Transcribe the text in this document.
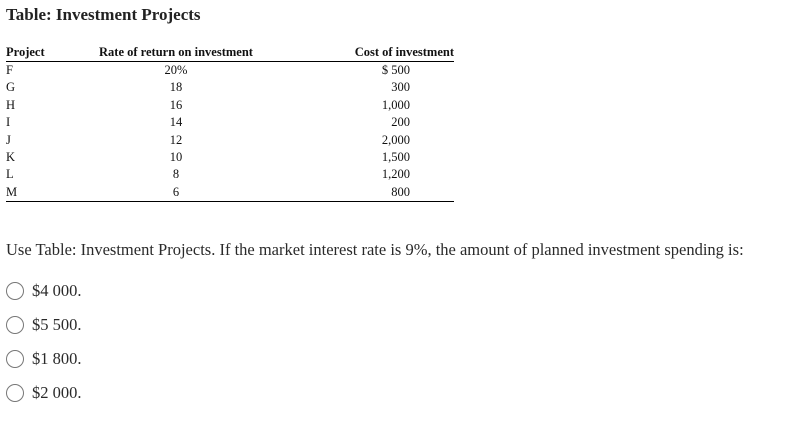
Table: Investment Projects
Project	Rate of return on investment	Cost of investment
F	20%	$ 500
G	18	300
H	16	1,000
I	14	200
J	12	2,000
K	10	1,500
L	8	1,200
M	6	800
Use Table: Investment Projects. If the market interest rate is 9%, the amount of planned investment spending is:
$4 000.
$5 500.
$1 800.
$2 000.
